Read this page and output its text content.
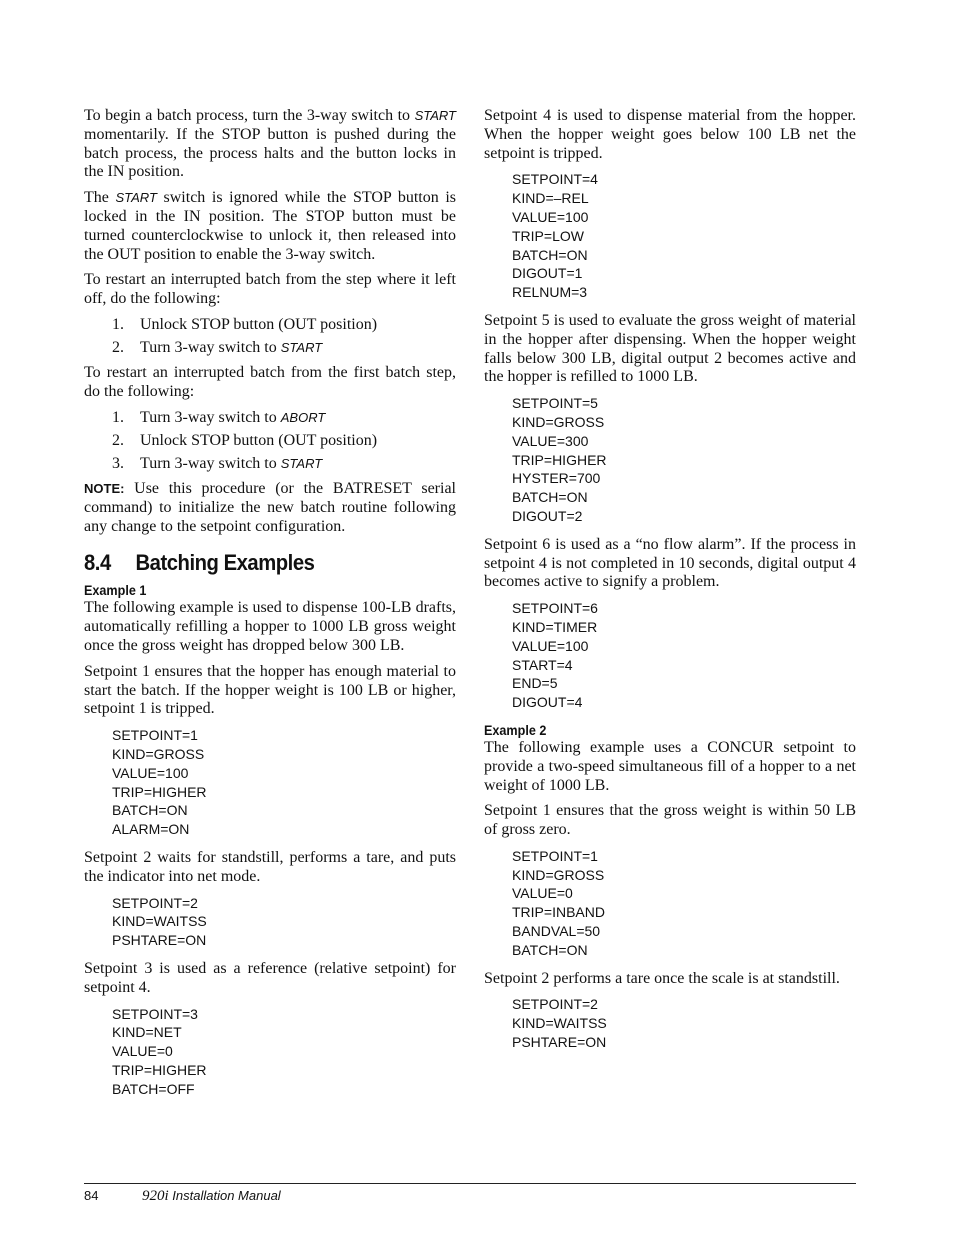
To begin a batch process, turn the 3-way switch to START momentarily. If the STOP button is pushed during the batch process, the process halts and the button locks in the IN position.

The START switch is ignored while the STOP button is locked in the IN position. The STOP button must be turned counterclockwise to unlock it, then released into the OUT position to enable the 3-way switch.

To restart an interrupted batch from the step where it left off, do the following:

1. Unlock STOP button (OUT position)
2. Turn 3-way switch to START

To restart an interrupted batch from the first batch step, do the following:

1. Turn 3-way switch to ABORT
2. Unlock STOP button (OUT position)
3. Turn 3-way switch to START

NOTE: Use this procedure (or the BATRESET serial command) to initialize the new batch routine following any change to the setpoint configuration.

8.4 Batching Examples
Example 1

The following example is used to dispense 100-LB drafts, automatically refilling a hopper to 1000 LB gross weight once the gross weight has dropped below 300 LB.

Setpoint 1 ensures that the hopper has enough material to start the batch. If the hopper weight is 100 LB or higher, setpoint 1 is tripped.

SETPOINT=1
KIND=GROSS
VALUE=100
TRIP=HIGHER
BATCH=ON
ALARM=ON

Setpoint 2 waits for standstill, performs a tare, and puts the indicator into net mode.

SETPOINT=2
KIND=WAITSS
PSHTARE=ON

Setpoint 3 is used as a reference (relative setpoint) for setpoint 4.

SETPOINT=3
KIND=NET
VALUE=0
TRIP=HIGHER
BATCH=OFF

Setpoint 4 is used to dispense material from the hopper. When the hopper weight goes below 100 LB net the setpoint is tripped.

SETPOINT=4
KIND=–REL
VALUE=100
TRIP=LOW
BATCH=ON
DIGOUT=1
RELNUM=3

Setpoint 5 is used to evaluate the gross weight of material in the hopper after dispensing. When the hopper weight falls below 300 LB, digital output 2 becomes active and the hopper is refilled to 1000 LB.

SETPOINT=5
KIND=GROSS
VALUE=300
TRIP=HIGHER
HYSTER=700
BATCH=ON
DIGOUT=2

Setpoint 6 is used as a “no flow alarm”. If the process in setpoint 4 is not completed in 10 seconds, digital output 4 becomes active to signify a problem.

SETPOINT=6
KIND=TIMER
VALUE=100
START=4
END=5
DIGOUT=4
Example 2

The following example uses a CONCUR setpoint to provide a two-speed simultaneous fill of a hopper to a net weight of 1000 LB.

Setpoint 1 ensures that the gross weight is within 50 LB of gross zero.

SETPOINT=1
KIND=GROSS
VALUE=0
TRIP=INBAND
BANDVAL=50
BATCH=ON

Setpoint 2 performs a tare once the scale is at standstill.

SETPOINT=2
KIND=WAITSS
PSHTARE=ON
84	920i Installation Manual
